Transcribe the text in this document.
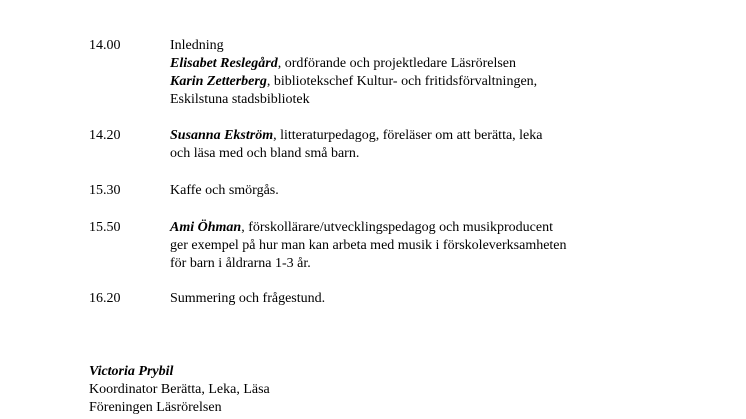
14.00	Inledning
Elisabet Reslegård, ordförande och projektledare Läsrörelsen
Karin Zetterberg, bibliotekschef Kultur- och fritidsförvaltningen,
Eskilstuna stadsbibliotek
14.20	Susanna Ekström, litteraturpedagog, föreläser om att berätta, leka
och läsa med och bland små barn.
15.30	Kaffe och smörgås.
15.50	Ami Öhman, förskollärare/utvecklingspedagog och musikproducent
ger exempel på hur man kan arbeta med musik i förskoleverksamheten
för barn i åldrarna 1-3 år.
16.20	Summering och frågestund.
Victoria Prybil
Koordinator Berätta, Leka, Läsa
Föreningen Läsrörelsen
